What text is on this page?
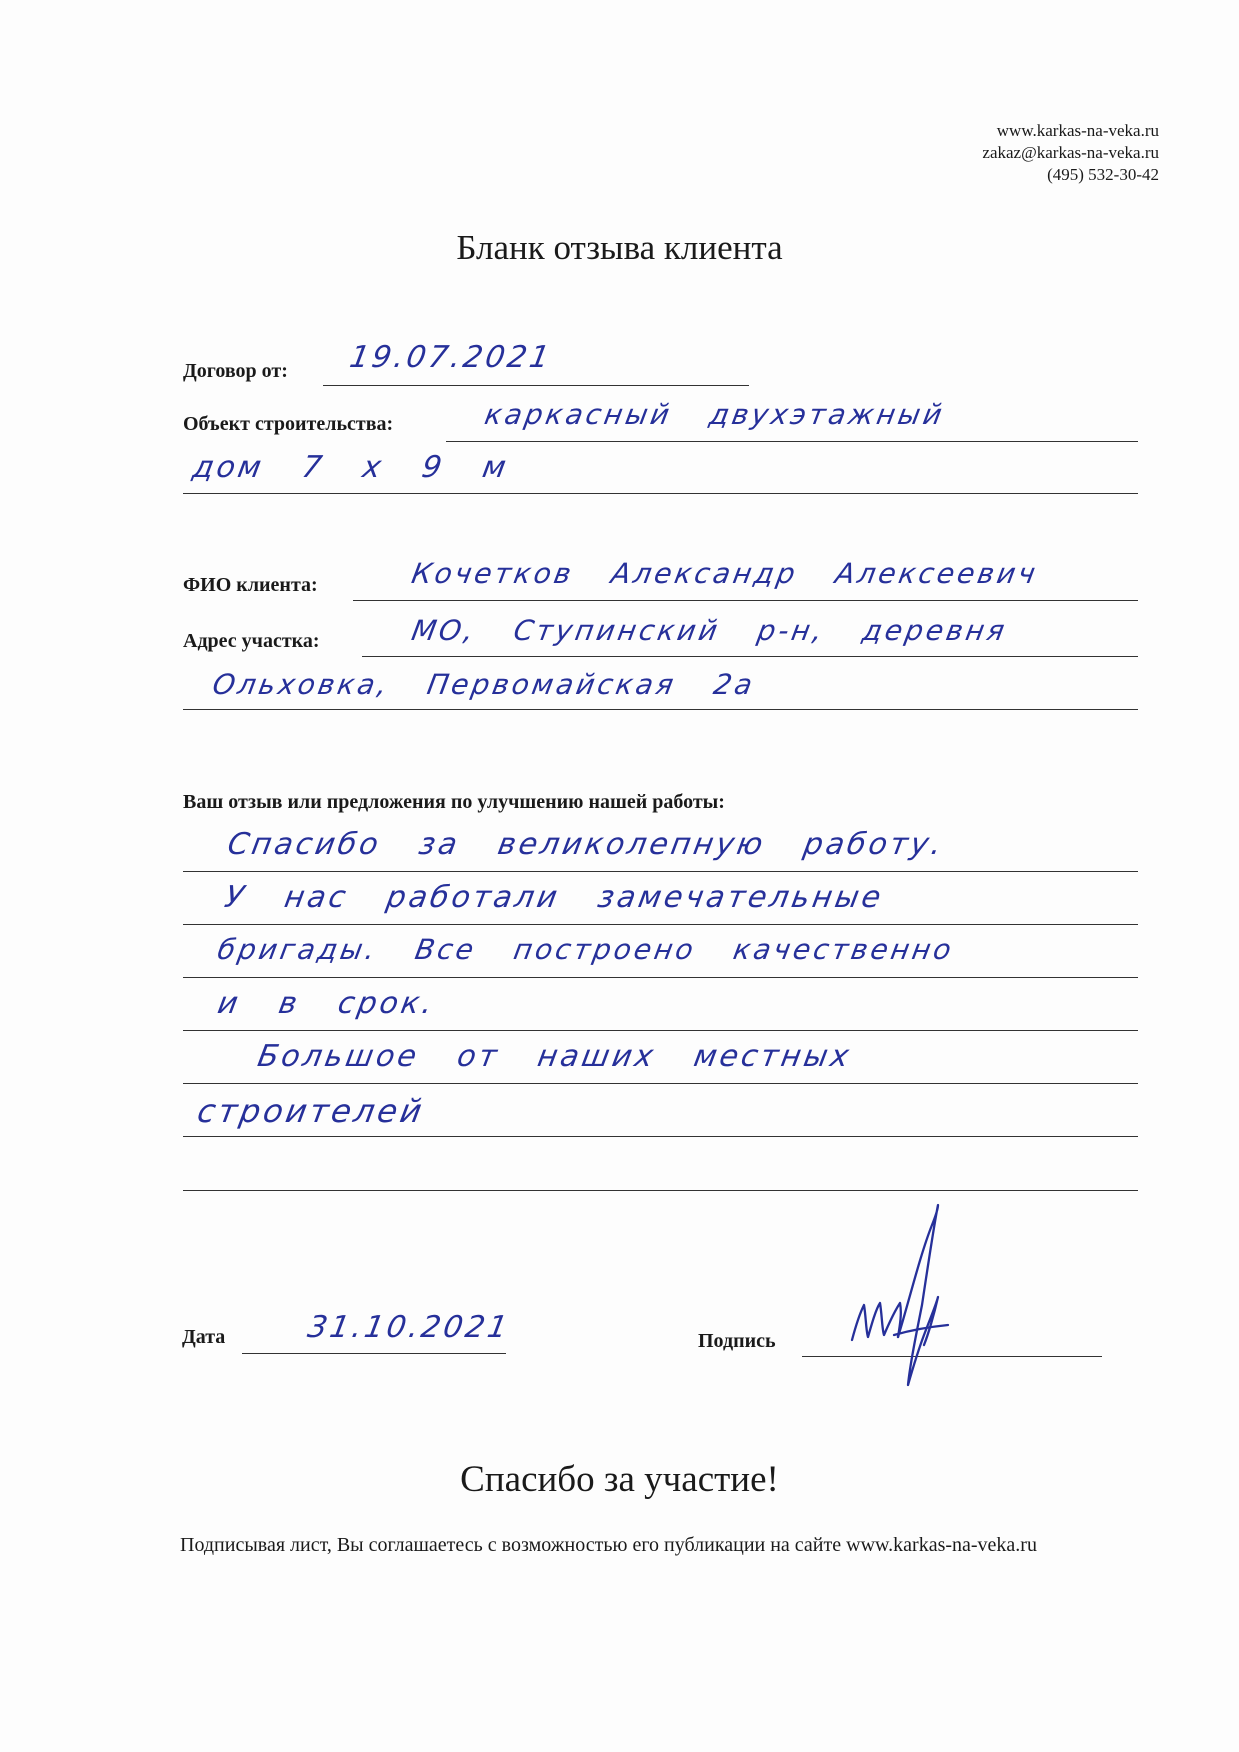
www.karkas-na-veka.ru
zakaz@karkas-na-veka.ru
(495) 532-30-42
Бланк отзыва клиента
Договор от: 19.07.2021
Объект строительства:	каркасный двухэтажный
дом 7 x 9 м
ФИО клиента:	Кочетков Александр Алексеевич
Адрес участка:	МО, Ступинский р-н, деревня
Ольховка, Первомайская 2а
Ваш отзыв или предложения по улучшению нашей работы:
Спасибо за великолепную работу.
У нас работали замечательные
бригады. Все построено качественно
и в срок.
Большое от наших местных
строителей
Дата	31.10.2021	Подпись
Спасибо за участие!
Подписывая лист, Вы соглашаетесь с возможностью его публикации на сайте www.karkas-na-veka.ru
